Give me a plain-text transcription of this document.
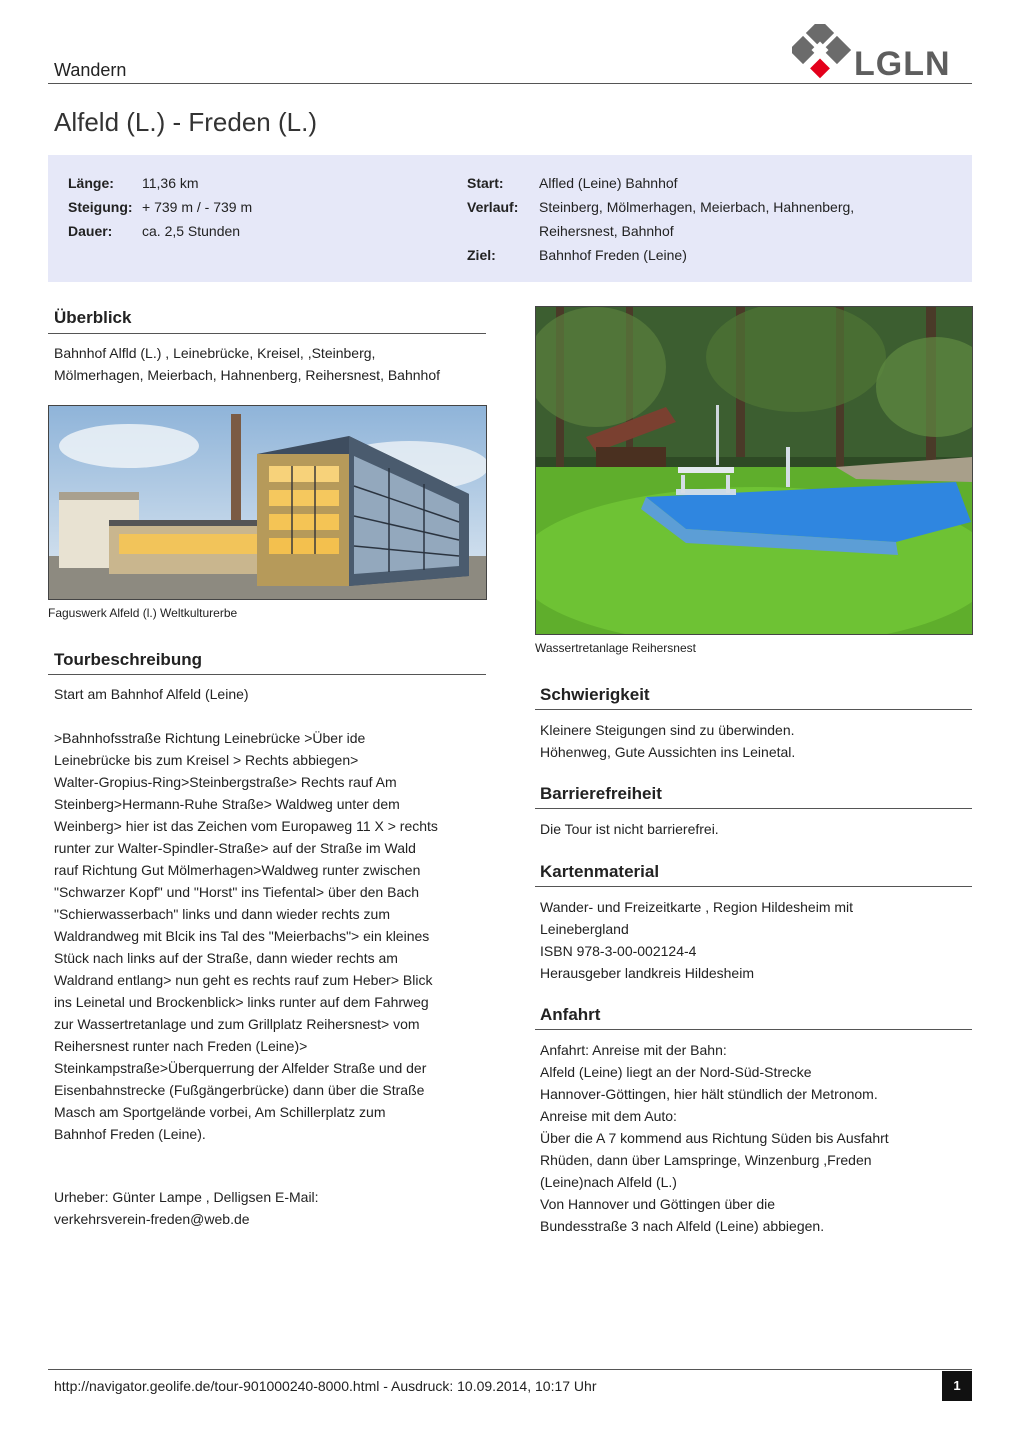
Wandern	LGLN
Alfeld (L.) - Freden (L.)
Länge: 11,36 km
Steigung: + 739 m / - 739 m
Dauer: ca. 2,5 Stunden
Start:	Alfled (Leine) Bahnhof
Verlauf: Steinberg, Mölmerhagen, Meierbach, Hahnenberg,
Reihersnest, Bahnhof
Ziel:	Bahnhof Freden (Leine)
Überblick
Bahnhof Alfld (L.) , Leinebrücke, Kreisel, ,Steinberg,
Mölmerhagen, Meierbach, Hahnenberg, Reihersnest, Bahnhof
Faguswerk Alfeld (l.) Weltkulturerbe
Wassertretanlage Reihersnest
Tourbeschreibung
Start am Bahnhof Alfeld (Leine)
>Bahnhofsstraße Richtung Leinebrücke >Über ide
Leinebrücke bis zum Kreisel > Rechts abbiegen>
Walter-Gropius-Ring>Steinbergstraße> Rechts rauf Am
Steinberg>Hermann-Ruhe Straße> Waldweg unter dem
Weinberg> hier ist das Zeichen vom Europaweg 11 X > rechts
runter zur Walter-Spindler-Straße> auf der Straße im Wald
rauf Richtung Gut Mölmerhagen>Waldweg runter zwischen
"Schwarzer Kopf" und "Horst" ins Tiefental> über den Bach
"Schierwasserbach" links und dann wieder rechts zum
Waldrandweg mit Blcik ins Tal des "Meierbachs"> ein kleines
Stück nach links auf der Straße, dann wieder rechts am
Waldrand entlang> nun geht es rechts rauf zum Heber> Blick
ins Leinetal und Brockenblick> links runter auf dem Fahrweg
zur Wassertretanlage und zum Grillplatz Reihersnest> vom
Reihersnest runter nach Freden (Leine)>
Steinkampstraße>Überquerrung der Alfelder Straße und der
Eisenbahnstrecke (Fußgängerbrücke) dann über die Straße
Masch am Sportgelände vorbei, Am Schillerplatz zum
Bahnhof Freden (Leine).
Urheber: Günter Lampe , Delligsen E-Mail:
verkehrsverein-freden@web.de
Schwierigkeit
Kleinere Steigungen sind zu überwinden.
Höhenweg, Gute Aussichten ins Leinetal.
Barrierefreiheit
Die Tour ist nicht barrierefrei.
Kartenmaterial
Wander- und Freizeitkarte , Region Hildesheim mit
Leinebergland
ISBN 978-3-00-002124-4
Herausgeber landkreis Hildesheim
Anfahrt
Anfahrt: Anreise mit der Bahn:
Alfeld (Leine) liegt an der Nord-Süd-Strecke
Hannover-Göttingen, hier hält stündlich der Metronom.
Anreise mit dem Auto:
Über die A 7 kommend aus Richtung Süden bis Ausfahrt
Rhüden, dann über Lamspringe, Winzenburg ,Freden
(Leine)nach Alfeld (L.)
Von Hannover und Göttingen über die
Bundesstraße 3 nach Alfeld (Leine) abbiegen.
http://navigator.geolife.de/tour-901000240-8000.html - Ausdruck: 10.09.2014, 10:17 Uhr	1
